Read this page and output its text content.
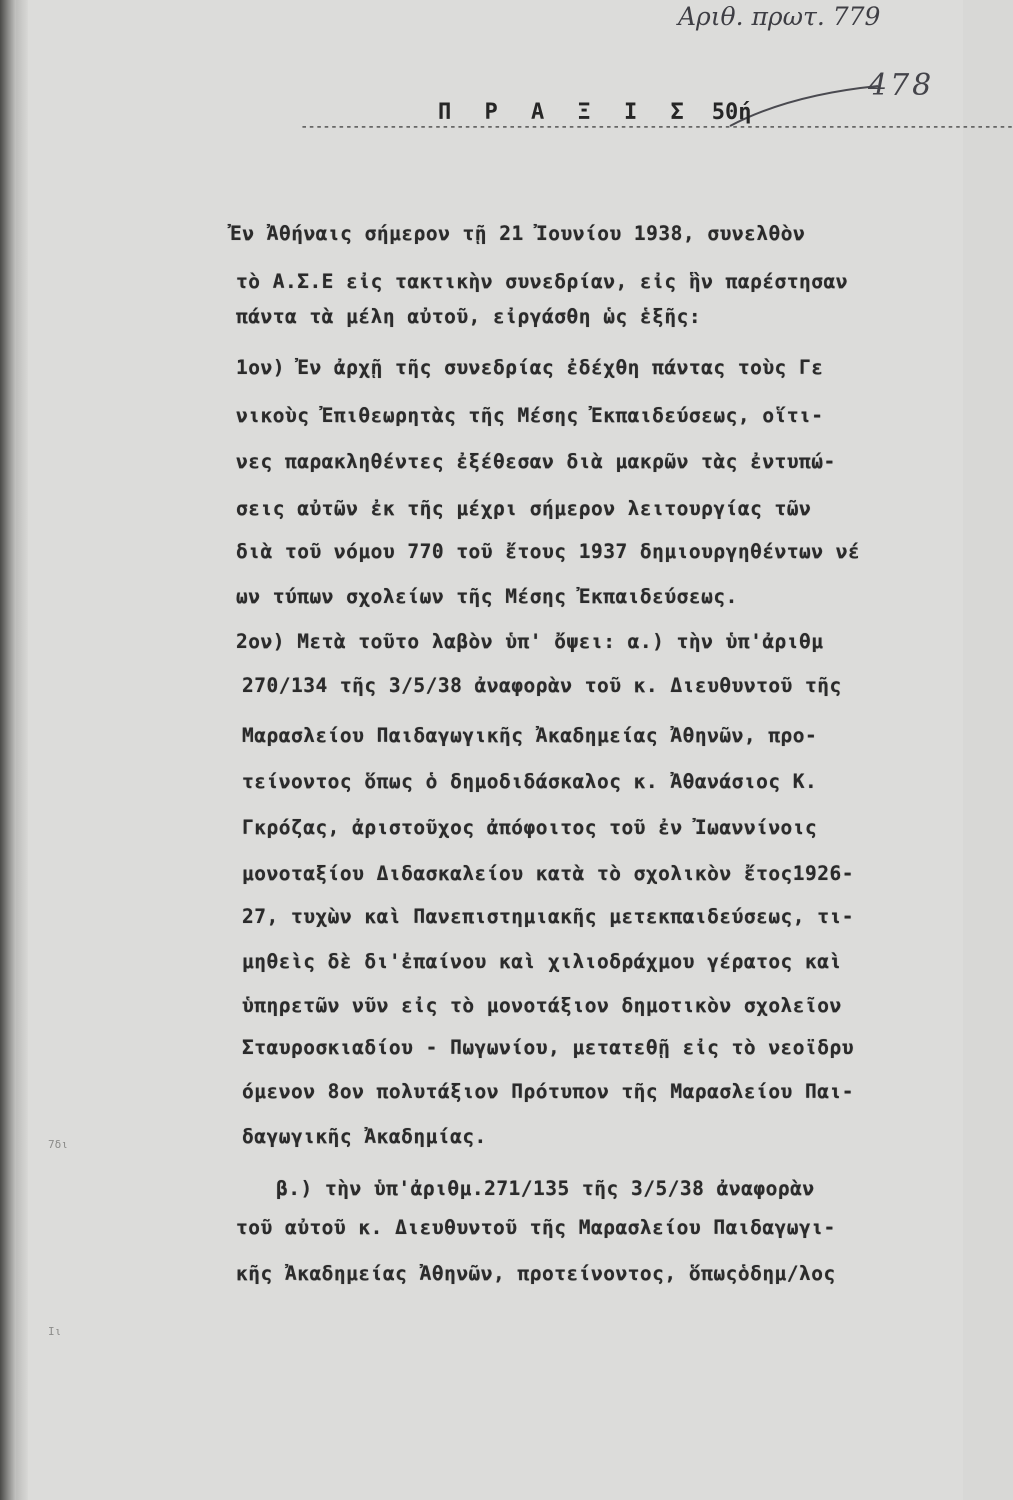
7δι
Ιι
Αριθ. πρωτ. 779
478
Π Ρ Α Ξ Ι Σ 50ή
------------------------------------------------------------------------------------------------
Ἐν Ἀθήναις σήμερον τῇ 21 Ἰουνίου 1938, συνελθὸν
τὸ Α.Σ.Ε εἰς τακτικὴν συνεδρίαν, εἰς ἣν παρέστησαν
πάντα τὰ μέλη αὐτοῦ, εἰργάσθη ὡς ἑξῆς:
1ον) Ἐν ἀρχῇ τῆς συνεδρίας ἐδέχθη πάντας τοὺς Γε
νικοὺς Ἐπιθεωρητὰς τῆς Μέσης Ἐκπαιδεύσεως, οἵτι-
νες παρακληθέντες ἐξέθεσαν διὰ μακρῶν τὰς ἐντυπώ-
σεις αὐτῶν ἐκ τῆς μέχρι σήμερον λειτουργίας τῶν
διὰ τοῦ νόμου 770 τοῦ ἔτους 1937 δημιουργηθέντων νέ
ων τύπων σχολείων τῆς Μέσης Ἐκπαιδεύσεως.
2ον) Μετὰ τοῦτο λαβὸν ὑπ' ὄψει: α.) τὴν ὑπ'ἀριθμ
270/134 τῆς 3/5/38 ἀναφορὰν τοῦ κ. Διευθυντοῦ τῆς
Μαρασλείου Παιδαγωγικῆς Ἀκαδημείας Ἀθηνῶν, προ-
τείνοντος ὅπως ὁ δημοδιδάσκαλος κ. Ἀθανάσιος Κ.
Γκρόζας, ἀριστοῦχος ἀπόφοιτος τοῦ ἐν Ἰωαννίνοις
μονοταξίου Διδασκαλείου κατὰ τὸ σχολικὸν ἔτος1926-
27, τυχὼν καὶ Πανεπιστημιακῆς μετεκπαιδεύσεως, τι-
μηθεὶς δὲ δι'ἐπαίνου καὶ χιλιοδράχμου γέρατος καὶ
ὑπηρετῶν νῦν εἰς τὸ μονοτάξιον δημοτικὸν σχολεῖον
Σταυροσκιαδίου - Πωγωνίου, μετατεθῇ εἰς τὸ νεοϊδρυ
όμενον 8ον πολυτάξιον Πρότυπον τῆς Μαρασλείου Παι-
δαγωγικῆς Ἀκαδημίας.
β.) τὴν ὑπ'ἀριθμ.271/135 τῆς 3/5/38 ἀναφορὰν
τοῦ αὐτοῦ κ. Διευθυντοῦ τῆς Μαρασλείου Παιδαγωγι-
κῆς Ἀκαδημείας Ἀθηνῶν, προτείνοντος, ὅπωςὁδημ/λος
